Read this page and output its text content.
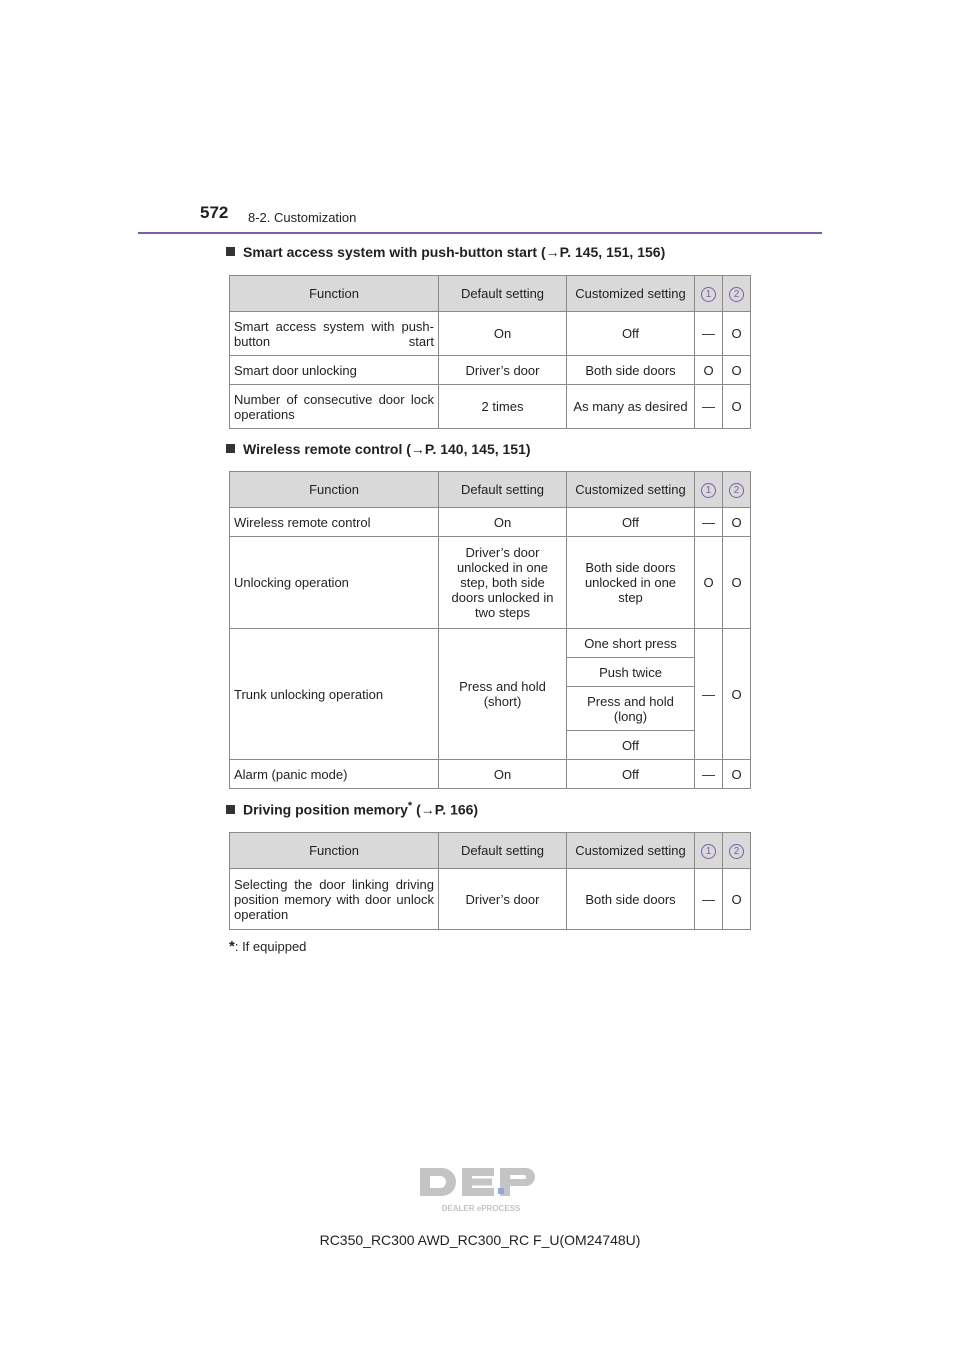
572 8-2. Customization
Smart access system with push-button start (→P. 145, 151, 156)
Function	Default setting	Customized setting	1	2
Smart access system with push-button start	On	Off	—	O
Smart door unlocking	Driver’s door	Both side doors	O	O
Number of consecutive door lock operations	2 times	As many as desired	—	O
Wireless remote control (→P. 140, 145, 151)
Function	Default setting	Customized setting	1	2
Wireless remote control	On	Off	—	O
Unlocking operation	Driver’s door unlocked in one step, both side doors unlocked in two steps	Both side doors unlocked in one step	O	O
Trunk unlocking operation	Press and hold (short)	One short press	—	O
		Push twice		
		Press and hold (long)		
		Off		
Alarm (panic mode)	On	Off	—	O
Driving position memory* (→P. 166)
Function	Default setting	Customized setting	1	2
Selecting the door linking driving position memory with door unlock operation	Driver’s door	Both side doors	—	O
*: If equipped
DEALER ePROCESS
RC350_RC300 AWD_RC300_RC F_U(OM24748U)
